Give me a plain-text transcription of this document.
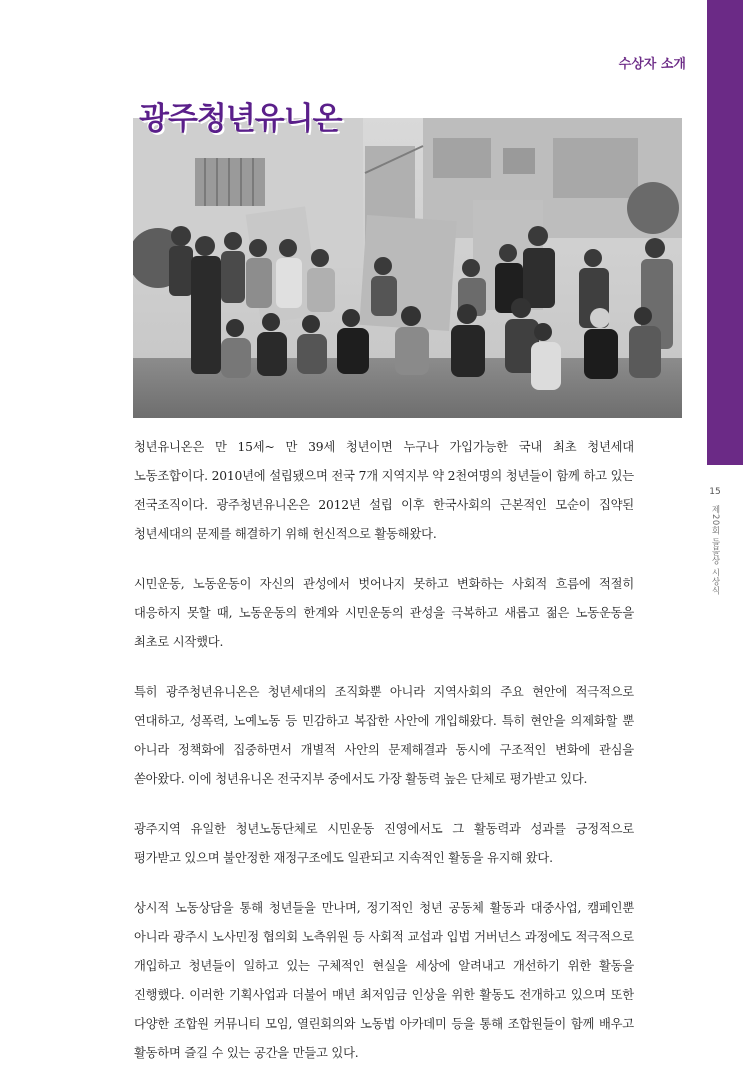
15
제20회 들불상 시상식
수상자 소개
광주청년유니온

청년유니온은 만 15세~ 만 39세 청년이면 누구나 가입가능한 국내 최초 청년세대 노동조합이다. 2010년에 설립됐으며 전국 7개 지역지부 약 2천여명의 청년들이 함께 하고 있는 전국조직이다. 광주청년유니온은 2012년 설립 이후 한국사회의 근본적인 모순이 집약된 청년세대의 문제를 해결하기 위해 헌신적으로 활동해왔다.

시민운동, 노동운동이 자신의 관성에서 벗어나지 못하고 변화하는 사회적 흐름에 적절히 대응하지 못할 때, 노동운동의 한계와 시민운동의 관성을 극복하고 새롭고 젊은 노동운동을 최초로 시작했다.

특히 광주청년유니온은 청년세대의 조직화뿐 아니라 지역사회의 주요 현안에 적극적으로 연대하고, 성폭력, 노예노동 등 민감하고 복잡한 사안에 개입해왔다. 특히 현안을 의제화할 뿐 아니라 정책화에 집중하면서 개별적 사안의 문제해결과 동시에 구조적인 변화에 관심을 쏟아왔다. 이에 청년유니온 전국지부 중에서도 가장 활동력 높은 단체로 평가받고 있다.

광주지역 유일한 청년노동단체로 시민운동 진영에서도 그 활동력과 성과를 긍정적으로 평가받고 있으며 불안정한 재정구조에도 일관되고 지속적인 활동을 유지해 왔다.

상시적 노동상담을 통해 청년들을 만나며, 정기적인 청년 공동체 활동과 대중사업, 캠페인뿐 아니라 광주시 노사민정 협의회 노측위원 등 사회적 교섭과 입법 거버넌스 과정에도 적극적으로 개입하고 청년들이 일하고 있는 구체적인 현실을 세상에 알려내고 개선하기 위한 활동을 진행했다. 이러한 기획사업과 더불어 매년 최저임금 인상을 위한 활동도 전개하고 있으며 또한 다양한 조합원 커뮤니티 모임, 열린회의와 노동법 아카데미 등을 통해 조합원들이 함께 배우고 활동하며 즐길 수 있는 공간을 만들고 있다.
